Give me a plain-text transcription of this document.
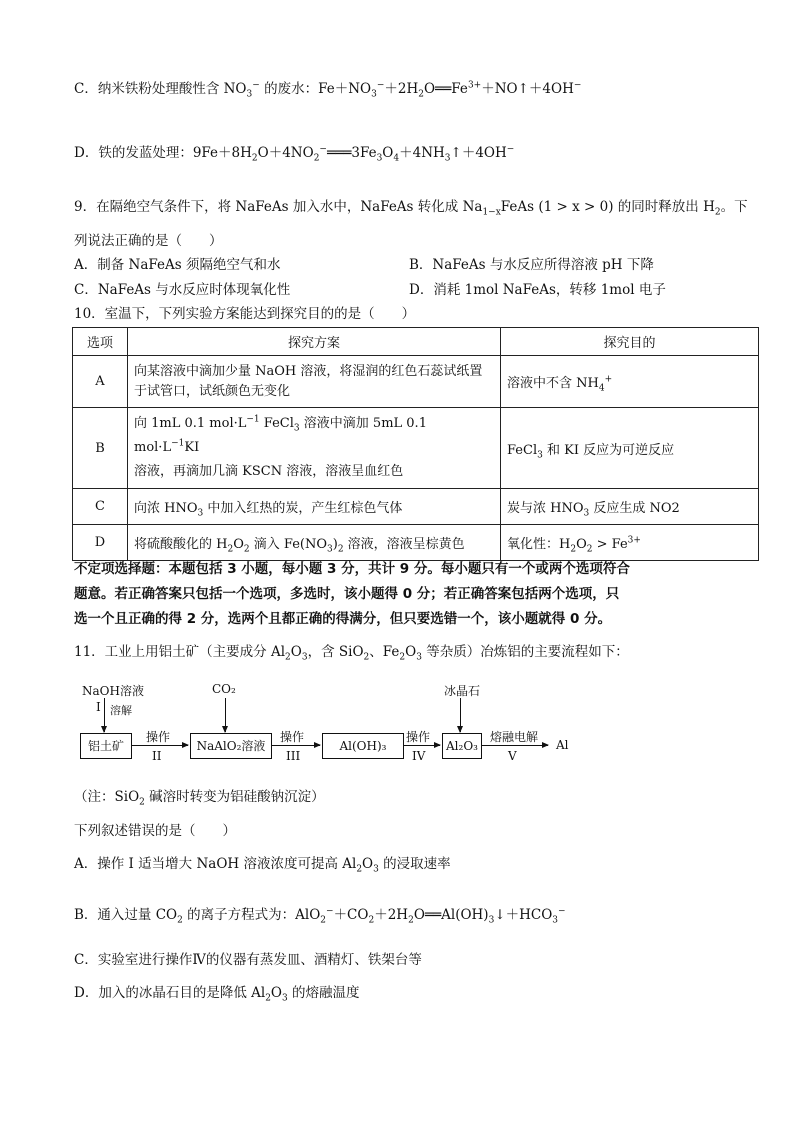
C．纳米铁粉处理酸性含 $NO_3^-$ 的废水：$Fe+NO_3^-+2H_2O══Fe^{3+}+NO↑+4OH^-$
D．铁的发蓝处理：$9Fe+8H_2O+4NO_2^-═══3Fe_3O_4+4NH_3↑+4OH^-$
9．在隔绝空气条件下，将 NaFeAs 加入水中，NaFeAs 转化成 $Na_{1-x}FeAs$ (1 > x > 0) 的同时释放出 $H_2$。下
列说法正确的是（　　）
A．制备 NaFeAs 须隔绝空气和水	B．NaFeAs 与水反应所得溶液 pH 下降
C．NaFeAs 与水反应时体现氧化性	D．消耗 1mol NaFeAs，转移 1mol 电子
10．室温下，下列实验方案能达到探究目的的是（　　）
选项	探究方案	探究目的
A	向某溶液中滴加少量 NaOH 溶液，将湿润的红色石蕊试纸置于试管口，试纸颜色无变化	溶液中不含 $NH_4^+$
B	向 1mL 0.1 $mol\cdot L^{-1}$ FeCl$_3$ 溶液中滴加 5mL 0.1 $mol\cdot L^{-1}KI$
溶液，再滴加几滴 KSCN 溶液，溶液呈血红色	FeCl$_3$ 和 KI 反应为可逆反应
C	向浓 $HNO_3$ 中加入红热的炭，产生红棕色气体	炭与浓 $HNO_3$ 反应生成 NO2
D	将硫酸酸化的 $H_2O_2$ 滴入 $Fe(NO_3)_2$ 溶液，溶液呈棕黄色	氧化性：$H_2O_2 > Fe^{3+}$
不定项选择题：本题包括 3 小题，每小题 3 分，共计 9 分。每小题只有一个或两个选项符合
题意。若正确答案只包括一个选项，多选时，该小题得 0 分；若正确答案包括两个选项，只
选一个且正确的得 2 分，选两个且都正确的得满分，但只要选错一个，该小题就得 0 分。
11．工业上用铝土矿（主要成分 $Al_2O_3$，含 SiO$_2$、$Fe_2O_3$ 等杂质）冶炼铝的主要流程如下：
NaOH溶液
I 溶解
CO₂	冰晶石
铝土矿	NaAlO₂溶液	Al(OH)₃	Al₂O₃
操作
II
操作
III
操作
IV
熔融电解
V
Al
（注：SiO$_2$ 碱溶时转变为铝硅酸钠沉淀）
下列叙述错误的是（　　）
A．操作 I 适当增大 NaOH 溶液浓度可提高 $Al_2O_3$ 的浸取速率
B．通入过量 $CO_2$ 的离子方程式为：$AlO_2^-+CO_2+2H_2O══Al(OH)_3↓+HCO_3^-$
C．实验室进行操作Ⅳ的仪器有蒸发皿、酒精灯、铁架台等
D．加入的冰晶石目的是降低 $Al_2O_3$ 的熔融温度
